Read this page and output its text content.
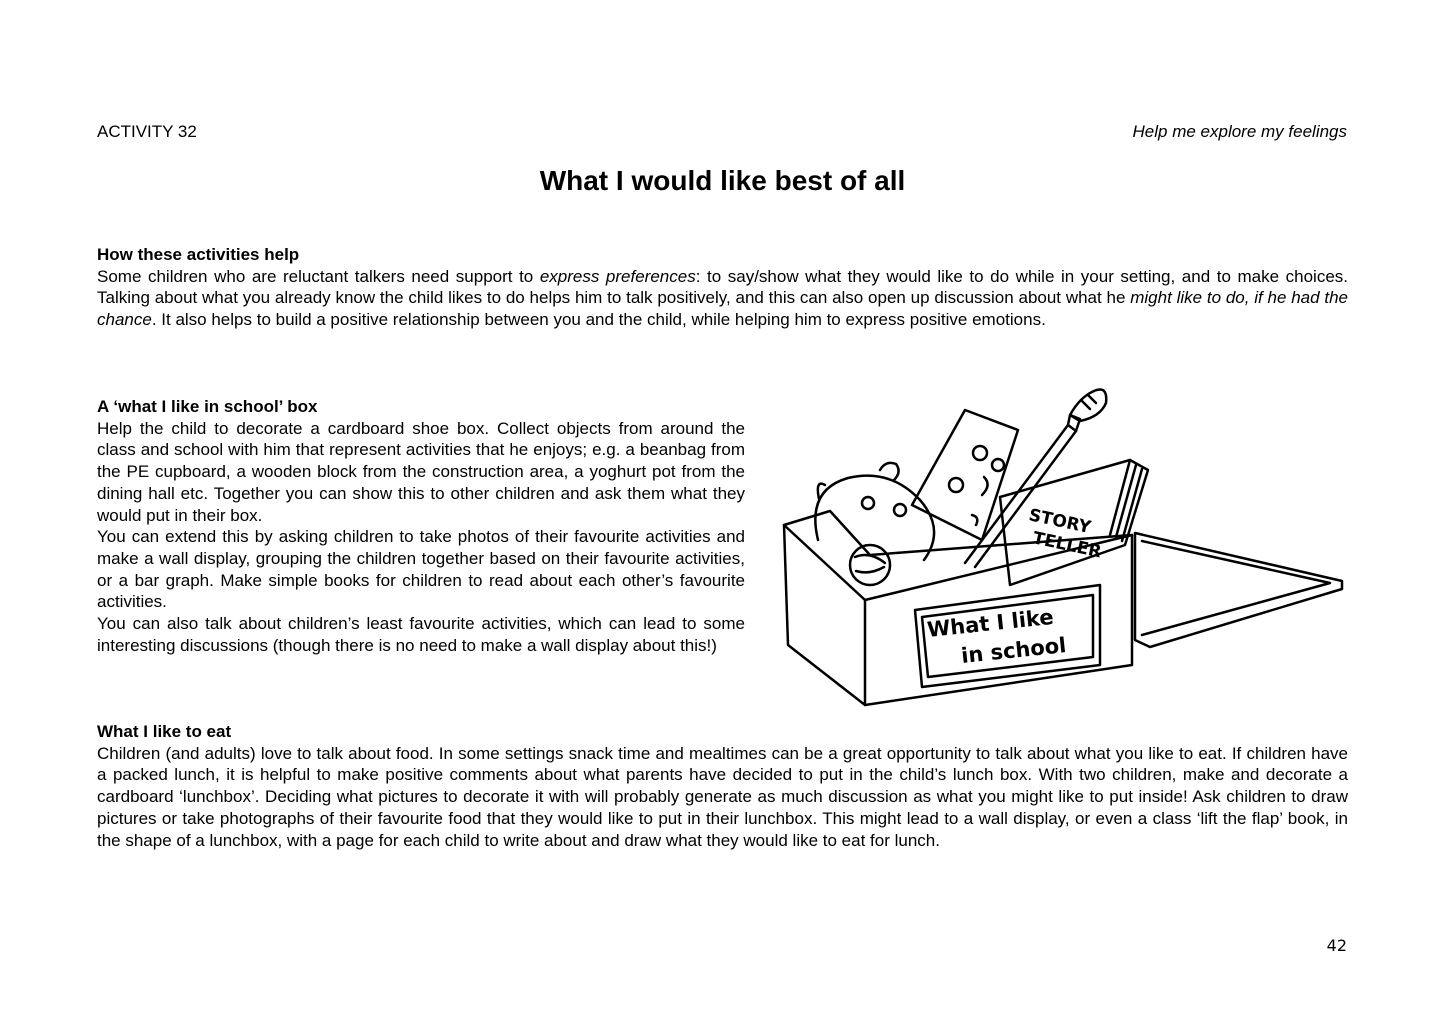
ACTIVITY 32	Help me explore my feelings
What I would like best of all
How these activities help
Some children who are reluctant talkers need support to express preferences: to say/show what they would like to do while in your setting, and to make choices. Talking about what you already know the child likes to do helps him to talk positively, and this can also open up discussion about what he might like to do, if he had the chance. It also helps to build a positive relationship between you and the child, while helping him to express positive emotions.
A ‘what I like in school’ box

Help the child to decorate a cardboard shoe box. Collect objects from around the class and school with him that represent activities that he enjoys; e.g. a beanbag from the PE cupboard, a wooden block from the construction area, a yoghurt pot from the dining hall etc. Together you can show this to other children and ask them what they would put in their box.

You can extend this by asking children to take photos of their favourite activities and make a wall display, grouping the children together based on their favourite activities, or a bar graph. Make simple books for children to read about each other’s favourite activities.

You can also talk about children’s least favourite activities, which can lead to some interesting discussions (though there is no need to make a wall display about this!)

STORY
TELLER
What I like
in school
What I like to eat
Children (and adults) love to talk about food. In some settings snack time and mealtimes can be a great opportunity to talk about what you like to eat. If children have a packed lunch, it is helpful to make positive comments about what parents have decided to put in the child’s lunch box. With two children, make and decorate a cardboard ‘lunchbox’. Deciding what pictures to decorate it with will probably generate as much discussion as what you might like to put inside! Ask children to draw pictures or take photographs of their favourite food that they would like to put in their lunchbox. This might lead to a wall display, or even a class ‘lift the flap’ book, in the shape of a lunchbox, with a page for each child to write about and draw what they would like to eat for lunch.
42
